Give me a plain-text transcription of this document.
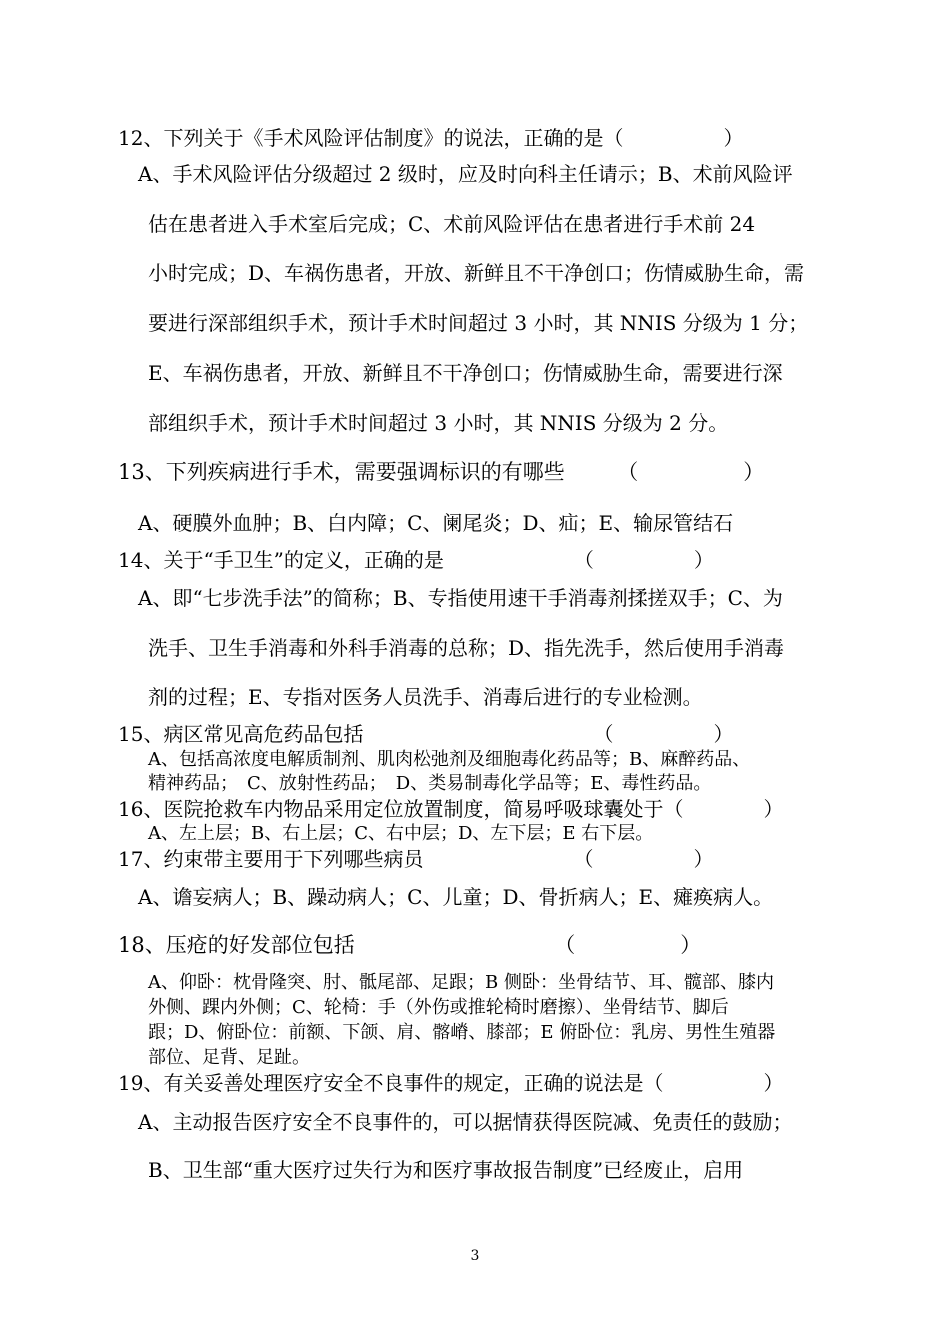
12、下列关于《手术风险评估制度》的说法，正确的是（　　　　　）
A、手术风险评估分级超过 2 级时，应及时向科主任请示；B、术前风险评
估在患者进入手术室后完成；C、术前风险评估在患者进行手术前 24
小时完成；D、车祸伤患者，开放、新鲜且不干净创口；伤情威胁生命，需
要进行深部组织手术，预计手术时间超过 3 小时，其 NNIS 分级为 1 分；
E、车祸伤患者，开放、新鲜且不干净创口；伤情威胁生命，需要进行深
部组织手术，预计手术时间超过 3 小时，其 NNIS 分级为 2 分。
13、下列疾病进行手术，需要强调标识的有哪些　　　（　　　　　）
A、硬膜外血肿；B、白内障；C、阑尾炎；D、疝；E、输尿管结石
14、关于“手卫生”的定义，正确的是　　　　　　　（　　　　　）
A、即“七步洗手法”的简称；B、专指使用速干手消毒剂揉搓双手；C、为
洗手、卫生手消毒和外科手消毒的总称；D、指先洗手，然后使用手消毒
剂的过程；E、专指对医务人员洗手、消毒后进行的专业检测。
15、病区常见高危药品包括　　　　　　　　　　　　（　　　　　）
A、包括高浓度电解质制剂、肌肉松弛剂及细胞毒化药品等；B、麻醉药品、
精神药品；　C、放射性药品；　D、类易制毒化学品等；E、毒性药品。
16、医院抢救车内物品采用定位放置制度，简易呼吸球囊处于（　　　　）
A、左上层；B、右上层；C、右中层；D、左下层；E 右下层。
17、约束带主要用于下列哪些病员　　　　　　　　（　　　　　）
A、谵妄病人；B、躁动病人；C、儿童；D、骨折病人；E、瘫痪病人。
18、压疮的好发部位包括　　　　　　　　　　（　　　　　）
A、仰卧：枕骨隆突、肘、骶尾部、足跟；B 侧卧：坐骨结节、耳、髋部、膝内
外侧、踝内外侧；C、轮椅：手（外伤或推轮椅时磨擦）、坐骨结节、脚后
跟；D、俯卧位：前额、下颌、肩、髂嵴、膝部；E 俯卧位：乳房、男性生殖器
部位、足背、足趾。
19、有关妥善处理医疗安全不良事件的规定，正确的说法是（　　　　　）
A、主动报告医疗安全不良事件的，可以据情获得医院减、免责任的鼓励；
B、卫生部“重大医疗过失行为和医疗事故报告制度”已经废止，启用
3
